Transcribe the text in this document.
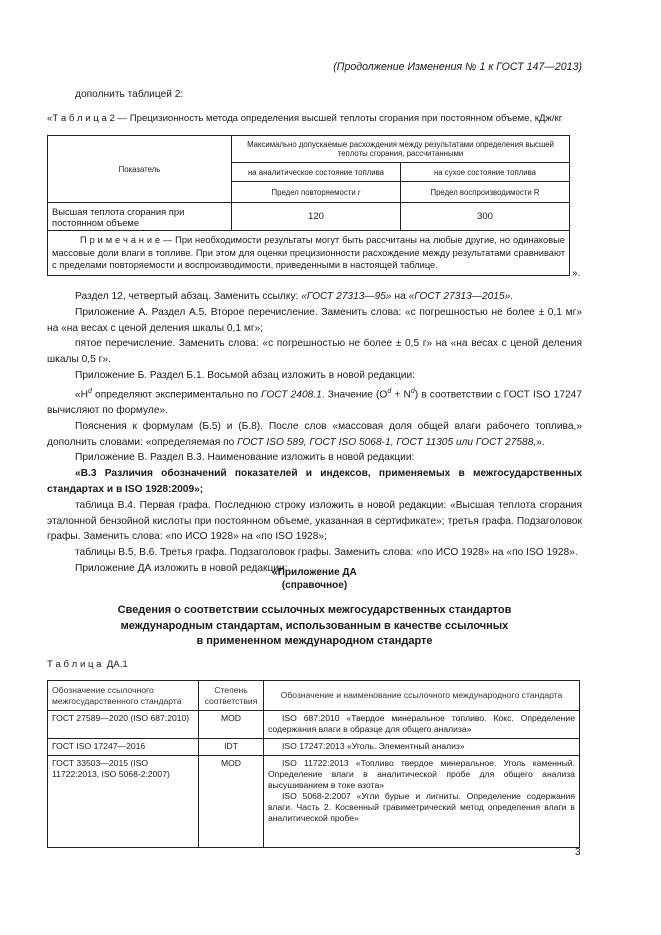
(Продолжение Изменения № 1 к ГОСТ 147—2013)
дополнить таблицей 2:
«Т а б л и ц а 2 — Прецизионность метода определения высшей теплоты сгорания при постоянном объеме, кДж/кг
Показатель	Максимально допускаемые расхождения между результатами определения высшей теплоты сгорания, рассчитанными	
	на аналитическое состояние топлива	на сухое состояние топлива
	Предел повторяемости r	Предел воспроизводимости R
Высшая теплота сгорания при постоянном объеме	120	300
П р и м е ч а н и е — При необходимости результаты могут быть рассчитаны на любые другие, но одинаковые массовые доли влаги в топливе. При этом для оценки прецизионности расхождение между результатами сравнивают с пределами повторяемости и воспроизводимости, приведенными в настоящей таблице.		
».
Раздел 12, четвертый абзац. Заменить ссылку: «ГОСТ 27313—95» на «ГОСТ 27313—2015».
Приложение А. Раздел А.5. Второе перечисление. Заменить слова: «с погрешностью не более ± 0,1 мг» на «на весах с ценой деления шкалы 0,1 мг»;
пятое перечисление. Заменить слова: «с погрешностью не более ± 0,5 г» на «на весах с ценой деления шкалы 0,5 г».
Приложение Б. Раздел Б.1. Восьмой абзац изложить в новой редакции:
«$H^d$ определяют экспериментально по ГОСТ 2408.1. Значение $(O^d + N^d)$ в соответствии с ГОСТ ISO 17247 вычисляют по формуле».
Пояснения к формулам (Б.5) и (Б.8). После слов «массовая доля общей влаги рабочего топлива,» дополнить словами: «определяемая по ГОСТ ISO 589, ГОСТ ISO 5068-1, ГОСТ 11305 или ГОСТ 27588,».
Приложение В. Раздел В.3. Наименование изложить в новой редакции:
«В.3 Различия обозначений показателей и индексов, применяемых в межгосударственных стандартах и в ISO 1928:2009»;
таблица В.4. Первая графа. Последнюю строку изложить в новой редакции: «Высшая теплота сгорания эталонной бензойной кислоты при постоянном объеме, указанная в сертификате»; третья графа. Подзаголовок графы. Заменить слова: «по ИСО 1928» на «по ISO 1928»;
таблицы В.5, В.6. Третья графа. Подзаголовок графы. Заменить слова: «по ИСО 1928» на «по ISO 1928».
Приложение ДА изложить в новой редакции:
«Приложение ДА
(справочное)
Сведения о соответствии ссылочных межгосударственных стандартов
международным стандартам, использованным в качестве ссылочных
в примененном международном стандарте
Т а б л и ц а  ДА.1
Обозначение ссылочного межгосударственного стандарта	Степень соответствия	Обозначение и наименование ссылочного международного стандарта
ГОСТ 27589—2020 (ISO 687:2010)	MOD	ISO 687:2010 «Твердое минеральное топливо. Кокс. Определение содержания влаги в образце для общего анализа»
ГОСТ ISO 17247—2016	IDT	ISO 17247:2013 «Уголь. Элементный анализ»
ГОСТ 33503—2015 (ISO 11722:2013, ISO 5068-2:2007)	MOD	ISO 11722:2013 «Топливо твердое минеральное. Уголь каменный. Определение влаги в аналитической пробе для общего анализа высушиванием в токе азота»
ISO 5068-2:2007 «Угли бурые и лигниты. Определение содержания влаги. Часть 2. Косвенный гравиметрический метод определения влаги в аналитической пробе»
3
